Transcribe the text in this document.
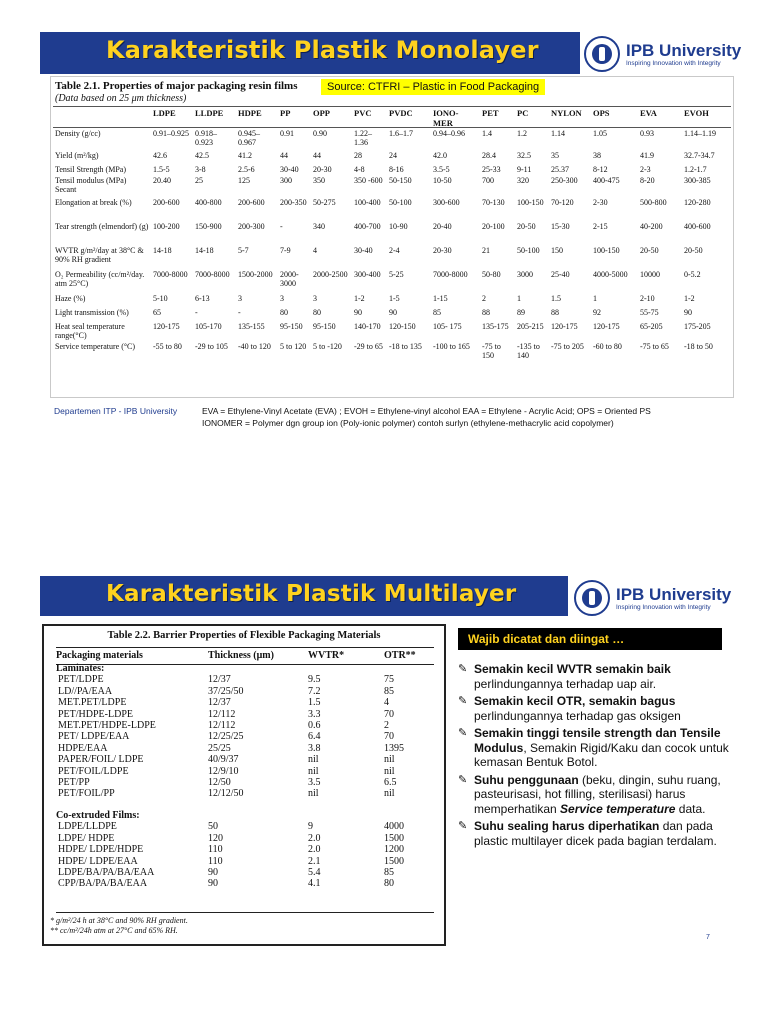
Karakteristik Plastik Monolayer	IPB University
Inspiring Innovation with Integrity
Table 2.1. Properties of major packaging resin films
(Data based on 25 μm thickness)
Source: CTFRI – Plastic in Food Packaging
	LDPE	LLDPE	HDPE	PP	OPP	PVC	PVDC	IONO-MER	PET	PC	NYLON	OPS	EVA	EVOH
Density (g/cc)	0.91–0.925	0.918–0.923	0.945–0.967	0.91	0.90	1.22–1.36	1.6–1.7	0.94–0.96	1.4	1.2	1.14	1.05	0.93	1.14–1.19
Yield (m²/kg)	42.6	42.5	41.2	44	44	28	24	42.0	28.4	32.5	35	38	41.9	32.7-34.7
Tensil Strength (MPa)	1.5-5	3-8	2.5-6	30-40	20-30	4-8	8-16	3.5-5	25-33	9-11	25.37	8-12	2-3	1.2-1.7
Tensil modulus (MPa) Secant	20.40	25	125	300	350	350 -600	50-150	10-50	700	320	250-300	400-475	8-20	300-385
Elongation at break (%)	200-600	400-800	200-600	200-350	50-275	100-400	50-100	300-600	70-130	100-150	70-120	2-30	500-800	120-280
Tear strength (elmendorf) (g)	100-200	150-900	200-300	-	340	400-700	10-90	20-40	20-100	20-50	15-30	2-15	40-200	400-600
WVTR g/m²/day at 38°C & 90% RH gradient	14-18	14-18	5-7	7-9	4	30-40	2-4	20-30	21	50-100	150	100-150	20-50	20-50
O₂ Permeability (cc/m²/day. atm 25°C)	7000-8000	7000-8000	1500-2000	2000-3000	2000-2500	300-400	5-25	7000-8000	50-80	3000	25-40	4000-5000	10000	0-5.2
Haze (%)	5-10	6-13	3	3	3	1-2	1-5	1-15	2	1	1.5	1	2-10	1-2
Light transmission (%)	65	-	-	80	80	90	90	85	88	89	88	92	55-75	90
Heat seal temperature range(°C)	120-175	105-170	135-155	95-150	95-150	140-170	120-150	105- 175	135-175	205-215	120-175	120-175	65-205	175-205
Service temperature (°C)	-55 to 80	-29 to 105	-40 to 120	5 to 120	5 to -120	-29 to 65	-18 to 135	-100 to 165	-75 to 150	-135 to 140	-75 to 205	-60 to 80	-75 to 65	-18 to 50
Departemen ITP - IPB University	EVA = Ethylene-Vinyl Acetate (EVA) ; EVOH = Ethylene-vinyl alcohol EAA = Ethylene - Acrylic Acid; OPS = Oriented PS
IONOMER = Polymer dgn group ion (Poly-ionic polymer) contoh surlyn (ethylene-methacrylic acid copolymer)
Karakteristik Plastik Multilayer	IPB University
Inspiring Innovation with Integrity
Table 2.2. Barrier Properties of Flexible Packaging Materials
Packaging materials	Thickness (μm)	WVTR*	OTR**
Laminates:			
PET/LDPE	12/37	9.5	75
LD//PA/EAA	37/25/50	7.2	85
MET.PET/LDPE	12/37	1.5	4
PET/HDPE-LDPE	12/112	3.3	70
MET.PET/HDPE-LDPE	12/112	0.6	2
PET/ LDPE/EAA	12/25/25	6.4	70
HDPE/EAA	25/25	3.8	1395
PAPER/FOIL/ LDPE	40/9/37	nil	nil
PET/FOIL/LDPE	12/9/10	nil	nil
PET/PP	12/50	3.5	6.5
PET/FOIL/PP	12/12/50	nil	nil

Co-extruded Films:			
LDPE/LLDPE	50	9	4000
LDPE/ HDPE	120	2.0	1500
HDPE/ LDPE/HDPE	110	2.0	1200
HDPE/ LDPE/EAA	110	2.1	1500
LDPE/BA/PA/BA/EAA	90	5.4	85
CPP/BA/PA/BA/EAA	90	4.1	80
* g/m²/24 h at 38°C and 90% RH gradient.
** cc/m²/24h atm at 27°C and 65% RH.
Wajib dicatat dan diingat …
✎ Semakin kecil WVTR semakin baik perlindungannya terhadap uap air.
✎ Semakin kecil OTR, semakin bagus perlindungannya terhadap gas oksigen
✎ Semakin tinggi tensile strength dan Tensile Modulus, Semakin Rigid/Kaku dan cocok untuk kemasan Bentuk Botol.
✎ Suhu penggunaan (beku, dingin, suhu ruang, pasteurisasi, hot filling, sterilisasi) harus memperhatikan Service temperature data.
✎ Suhu sealing harus diperhatikan dan pada plastic multilayer dicek pada bagian terdalam.
7
